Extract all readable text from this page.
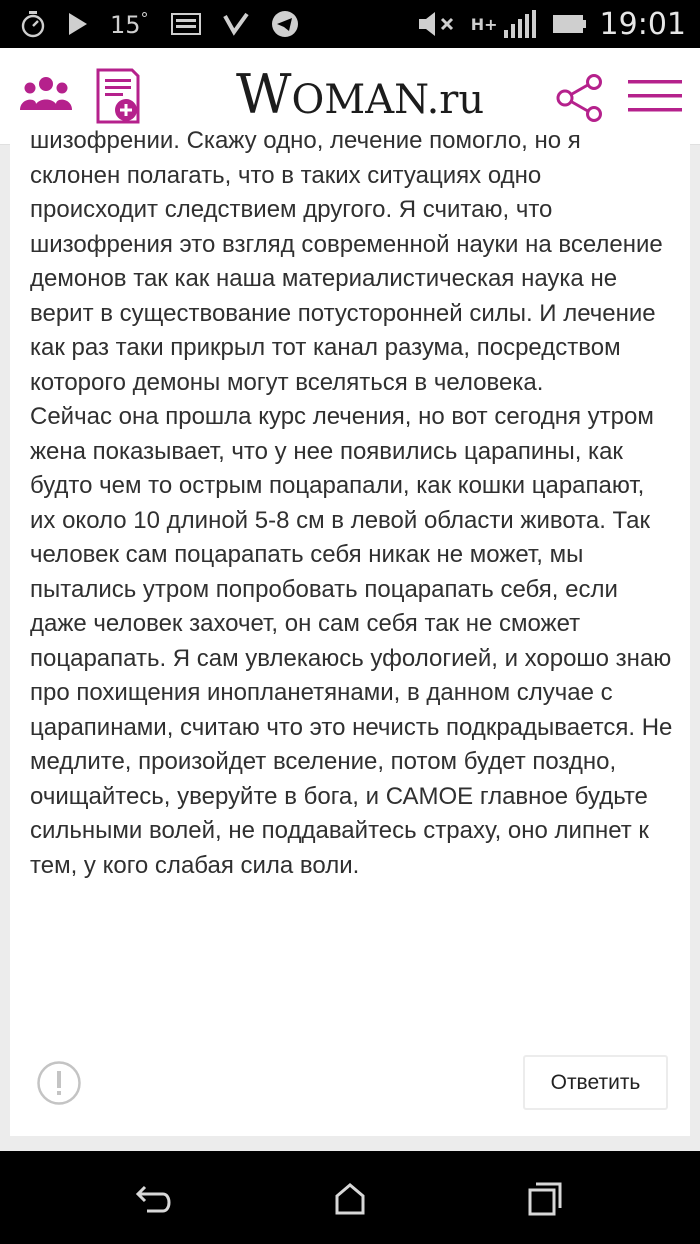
15°	H+	19:01
WOMAN.ru

шизофрении. Скажу одно, лечение помогло, но я

склонен полагать, что в таких ситуациях одно происходит следствием другого. Я считаю, что шизофрения это взгляд современной науки на вселение демонов так как наша материалистическая наука не верит в существование потусторонней силы. И лечение как раз таки прикрыл тот канал разума, посредством которого демоны могут вселяться в человека.

Сейчас она прошла курс лечения, но вот сегодня утром жена показывает, что у нее появились царапины, как будто чем то острым поцарапали, как кошки царапают, их около 10 длиной 5-8 см в левой области живота. Так человек сам поцарапать себя никак не может, мы пытались утром попробовать поцарапать себя, если даже человек захочет, он сам себя так не сможет поцарапать. Я сам увлекаюсь уфологией, и хорошо знаю про похищения инопланетянами, в данном случае с царапинами, считаю что это нечисть подкрадывается. Не медлите, произойдет вселение, потом будет поздно, очищайтесь, уверуйте в бога, и САМОЕ главное будьте сильными волей, не поддавайтесь страху, оно липнет к тем, у кого слабая сила воли.

Ответить
